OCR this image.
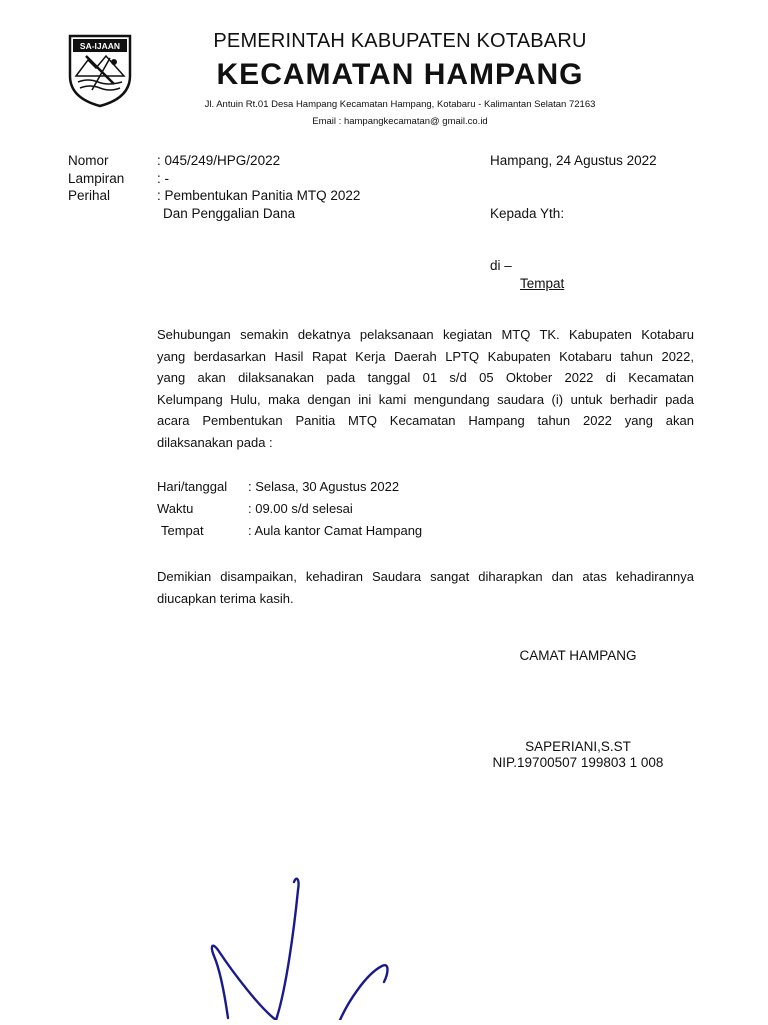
SA-IJAAN	PEMERINTAH KABUPATEN KOTABARU
KECAMATAN HAMPANG
Jl. Antuin Rt.01 Desa Hampang Kecamatan Hampang, Kotabaru - Kalimantan Selatan 72163
Email : hampangkecamatan@ gmail.co.id
Nomor	: 045/249/HPG/2022
Lampiran : -
Perihal	: Pembentukan Panitia MTQ 2022
Dan Penggalian Dana
Hampang, 24 Agustus 2022
Kepada Yth:
di –
Tempat
Sehubungan semakin dekatnya pelaksanaan kegiatan MTQ TK. Kabupaten Kotabaru
yang berdasarkan Hasil Rapat Kerja Daerah LPTQ Kabupaten Kotabaru tahun 2022,
yang akan dilaksanakan pada tanggal 01 s/d 05 Oktober 2022 di Kecamatan
Kelumpang Hulu, maka dengan ini kami mengundang saudara (i) untuk berhadir pada
acara Pembentukan Panitia MTQ Kecamatan Hampang tahun 2022 yang akan
dilaksanakan pada :
Hari/tanggal : Selasa, 30 Agustus 2022
Waktu	: 09.00 s/d selesai
Tempat	: Aula kantor Camat Hampang
Demikian disampaikan, kehadiran Saudara sangat diharapkan dan atas kehadirannya
diucapkan terima kasih.
CAMAT HAMPANG
SAPERIANI,S.ST
NIP.19700507 199803 1 008
